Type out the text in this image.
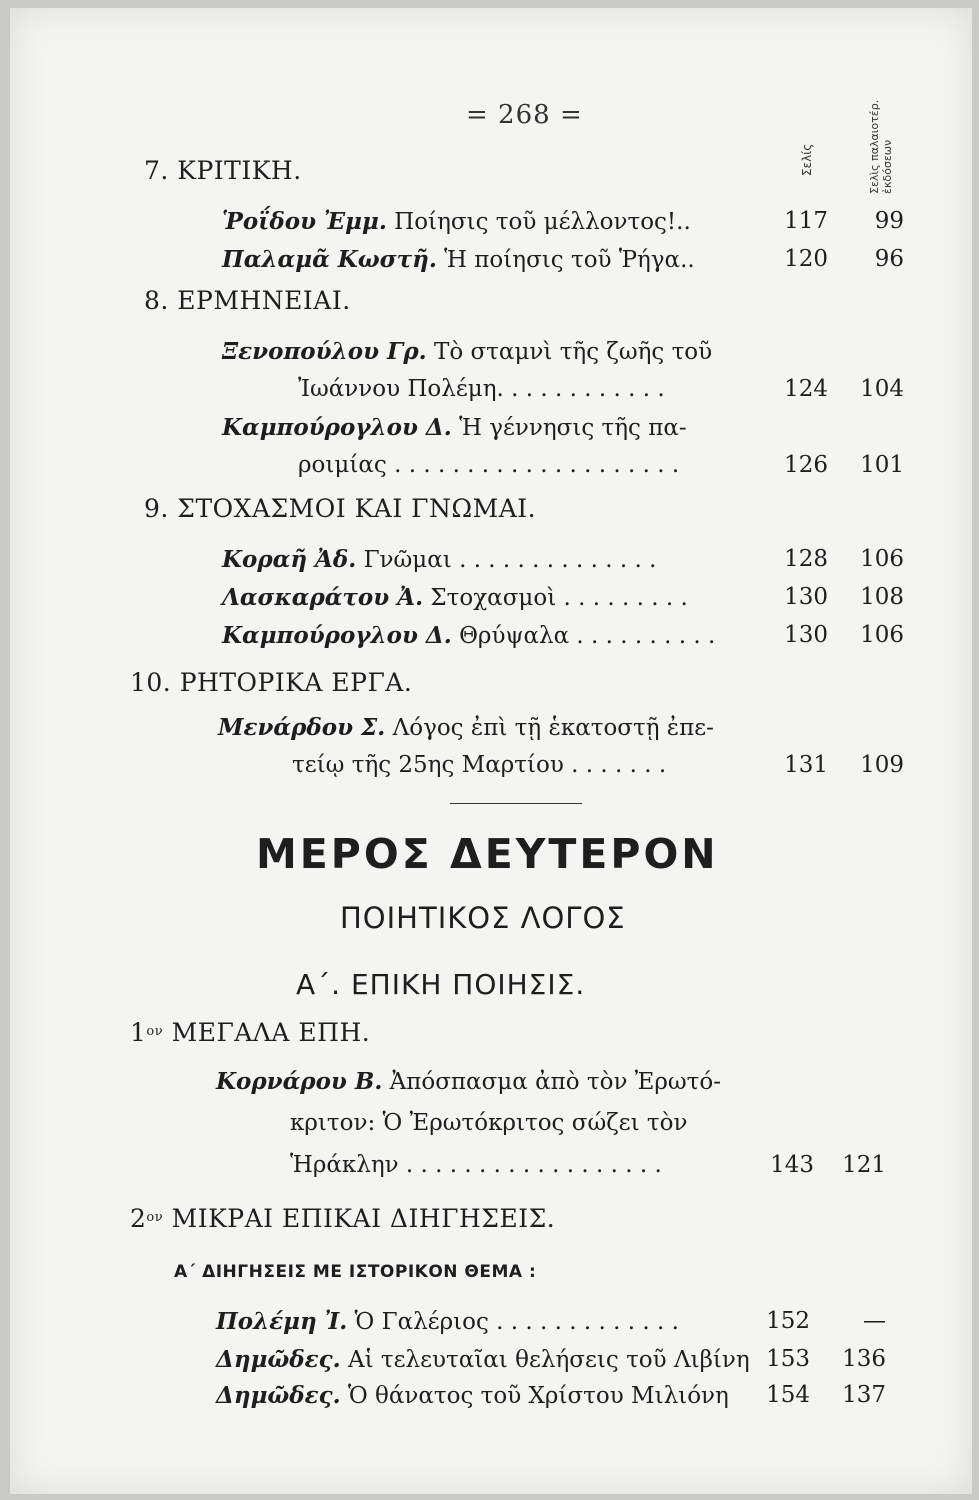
= 268 =
Σελίς	Σελὶς παλαιοτέρ. ἐκδόσεων
7. ΚΡΙΤΙΚΗ.
Ῥοΐδου Ἐμμ. Ποίησις τοῦ μέλλοντος!..	117	99
Παλαμᾶ Κωστῆ. Ἡ ποίησις τοῦ Ῥήγα..	120	96
8. ΕΡΜΗΝΕΙΑΙ.
Ξενοπούλου Γρ. Τὸ σταμνὶ τῆς ζωῆς τοῦ
Ἰωάννου Πολέμη. . . . . . . . . . . .	124	104
Καμπούρογλου Δ. Ἡ γέννησις τῆς πα-
ροιμίας . . . . . . . . . . . . . . . . . . . .	126	101
9. ΣΤΟΧΑΣΜΟΙ ΚΑΙ ΓΝΩΜΑΙ.
Κοραῆ Ἀδ. Γνῶμαι . . . . . . . . . . . . . .	128	106
Λασκαράτου Ἀ. Στοχασμοὶ . . . . . . . . .	130	108
Καμπούρογλου Δ. Θρύψαλα . . . . . . . . . .	130	106
10. ΡΗΤΟΡΙΚΑ ΕΡΓΑ.
Μενάρδου Σ. Λόγος ἐπὶ τῇ ἑκατοστῇ ἐπε-
τείῳ τῆς 25ης Μαρτίου . . . . . . .	131	109
ΜΕΡΟΣ ΔΕΥΤΕΡΟΝ
ΠΟΙΗΤΙΚΟΣ ΛΟΓΟΣ
Α΄. ΕΠΙΚΗ ΠΟΙΗΣΙΣ.
$1^{o\nu}$ ΜΕΓΑΛΑ ΕΠΗ.
Κορνάρου Β. Ἀπόσπασμα ἀπὸ τὸν Ἐρωτό-
κριτον: Ὁ Ἐρωτόκριτος σώζει τὸν
Ἡράκλην . . . . . . . . . . . . . . . . . .	143	121
$2^{o\nu}$ ΜΙΚΡΑΙ ΕΠΙΚΑΙ ΔΙΗΓΗΣΕΙΣ.
Α΄ ΔΙΗΓΗΣΕΙΣ ΜΕ ΙΣΤΟΡΙΚΟΝ ΘΕΜΑ :
Πολέμη Ἰ. Ὁ Γαλέριος . . . . . . . . . . . . .	152	—
Δημῶδες. Αἱ τελευταῖαι θελήσεις τοῦ Λιβίνη 153	136
Δημῶδες. Ὁ θάνατος τοῦ Χρίστου Μιλιόνη	154	137
